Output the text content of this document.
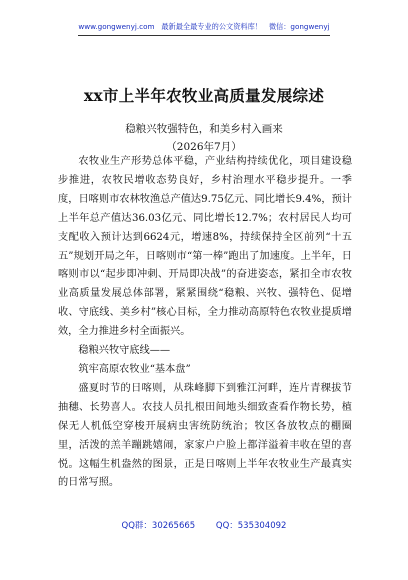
www.gongwenyj.com 最新最全最专业的公文资料库！ 微信：gongwenyj
xx市上半年农牧业高质量发展综述
稳粮兴牧强特色，和美乡村入画来
（2026年7月）
农牧业生产形势总体平稳，产业结构持续优化，项目建设稳步推进，农牧民增收态势良好，乡村治理水平稳步提升。一季度，日喀则市农林牧渔总产值达9.75亿元、同比增长9.4%，预计上半年总产值达36.03亿元、同比增长12.7%；农村居民人均可支配收入预计达到6624元，增速8%，持续保持全区前列“十五五”规划开局之年，日喀则市“第一棒”跑出了加速度。上半年，日喀则市以“起步即冲刺、开局即决战”的奋进姿态，紧扣全市农牧业高质量发展总体部署，紧紧围绕“稳粮、兴牧、强特色、促增收、守底线、美乡村”核心目标，全力推动高原特色农牧业提质增效，全力推进乡村全面振兴。
稳粮兴牧守底线——
筑牢高原农牧业“基本盘”
盛夏时节的日喀则，从珠峰脚下到雅江河畔，连片青稞拔节抽穗、长势喜人。农技人员扎根田间地头细致查看作物长势，植保无人机低空穿梭开展病虫害统防统治；牧区各放牧点的棚圈里，活泼的羔羊蹦跳嬉闹，家家户户脸上都洋溢着丰收在望的喜悦。这幅生机盎然的图景，正是日喀则上半年农牧业生产最真实的日常写照。
QQ群：30265665 QQ：535304092
